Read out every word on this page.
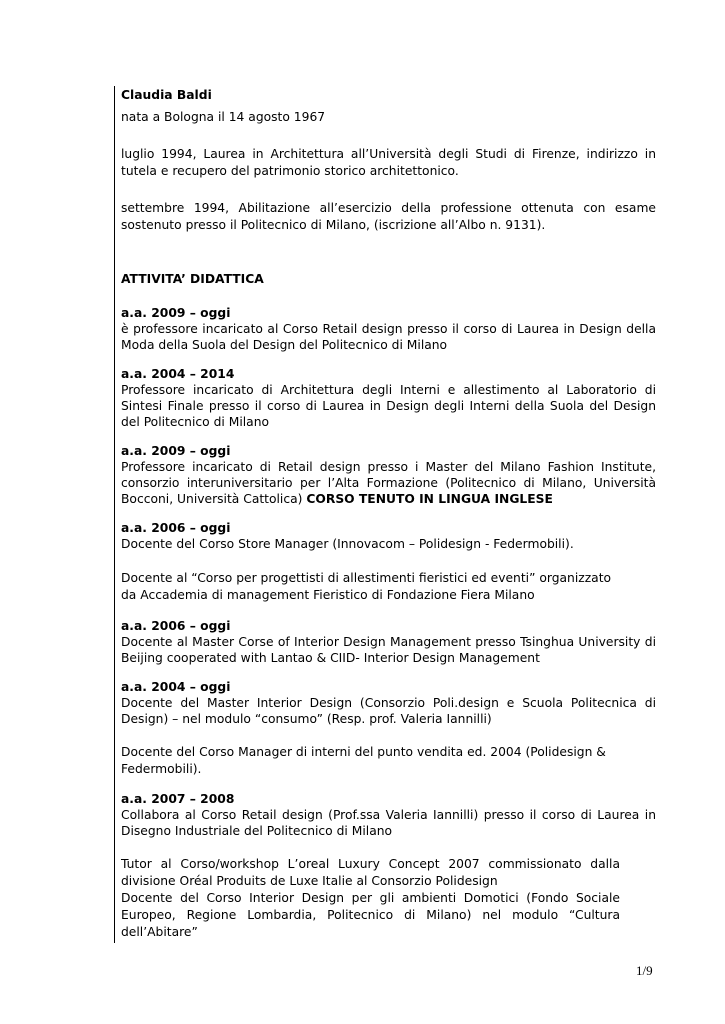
Claudia Baldi

nata a Bologna il 14 agosto 1967

luglio 1994, Laurea in Architettura all’Università degli Studi di Firenze, indirizzo in tutela e recupero del patrimonio storico architettonico.

settembre 1994, Abilitazione all’esercizio della professione ottenuta con esame sostenuto presso il Politecnico di Milano, (iscrizione all’Albo n. 9131).

ATTIVITA’ DIDATTICA

a.a. 2009 – oggi

è professore incaricato al Corso Retail design presso il corso di Laurea in Design della Moda della Suola del Design del Politecnico di Milano

a.a. 2004 – 2014

Professore incaricato di Architettura degli Interni e allestimento al Laboratorio di Sintesi Finale presso il corso di Laurea in Design degli Interni della Suola del Design del Politecnico di Milano

a.a. 2009 – oggi

Professore incaricato di Retail design presso i Master del Milano Fashion Institute, consorzio interuniversitario per l’Alta Formazione (Politecnico di Milano, Università Bocconi, Università Cattolica) CORSO TENUTO IN LINGUA INGLESE

a.a. 2006 – oggi

Docente del Corso Store Manager (Innovacom – Polidesign - Federmobili).

Docente al “Corso per progettisti di allestimenti fieristici ed eventi” organizzato da Accademia di management Fieristico di Fondazione Fiera Milano

a.a. 2006 – oggi

Docente al Master Corse of Interior Design Management presso Tsinghua University di Beijing cooperated with Lantao & CIID- Interior Design Management

a.a. 2004 – oggi

Docente del Master Interior Design (Consorzio Poli.design e Scuola Politecnica di Design) – nel modulo “consumo” (Resp. prof. Valeria Iannilli)

Docente del Corso Manager di interni del punto vendita ed. 2004 (Polidesign & Federmobili).

a.a. 2007 – 2008

Collabora al Corso Retail design (Prof.ssa Valeria Iannilli) presso il corso di Laurea in Disegno Industriale del Politecnico di Milano

Tutor al Corso/workshop L’oreal Luxury Concept 2007 commissionato dalla divisione Oréal Produits de Luxe Italie al Consorzio Polidesign

Docente del Corso Interior Design per gli ambienti Domotici (Fondo Sociale Europeo, Regione Lombardia, Politecnico di Milano) nel modulo “Cultura dell’Abitare”

1/9
